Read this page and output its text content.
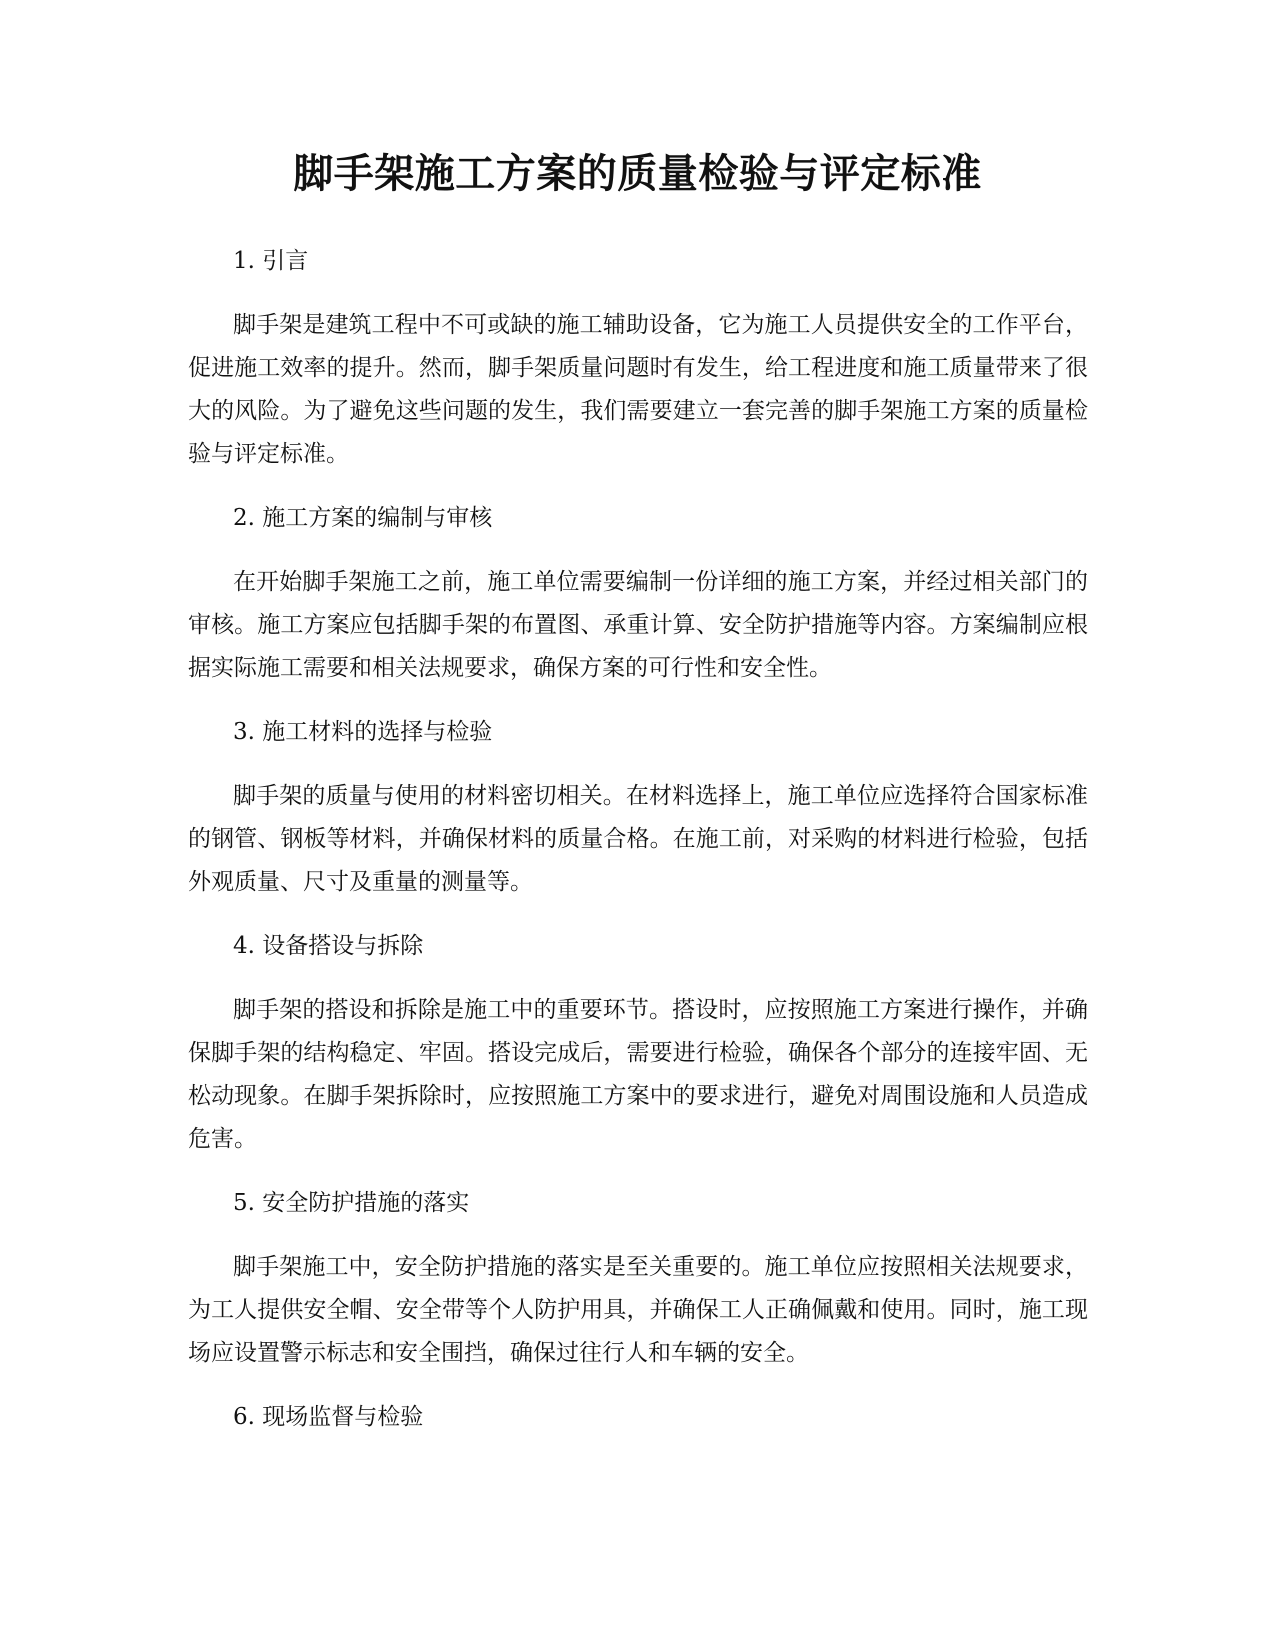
脚手架施工方案的质量检验与评定标准

1. 引言

脚手架是建筑工程中不可或缺的施工辅助设备，它为施工人员提供安全的工作平台，促进施工效率的提升。然而，脚手架质量问题时有发生，给工程进度和施工质量带来了很大的风险。为了避免这些问题的发生，我们需要建立一套完善的脚手架施工方案的质量检验与评定标准。

2. 施工方案的编制与审核

在开始脚手架施工之前，施工单位需要编制一份详细的施工方案，并经过相关部门的审核。施工方案应包括脚手架的布置图、承重计算、安全防护措施等内容。方案编制应根据实际施工需要和相关法规要求，确保方案的可行性和安全性。

3. 施工材料的选择与检验

脚手架的质量与使用的材料密切相关。在材料选择上，施工单位应选择符合国家标准的钢管、钢板等材料，并确保材料的质量合格。在施工前，对采购的材料进行检验，包括外观质量、尺寸及重量的测量等。

4. 设备搭设与拆除

脚手架的搭设和拆除是施工中的重要环节。搭设时，应按照施工方案进行操作，并确保脚手架的结构稳定、牢固。搭设完成后，需要进行检验，确保各个部分的连接牢固、无松动现象。在脚手架拆除时，应按照施工方案中的要求进行，避免对周围设施和人员造成危害。

5. 安全防护措施的落实

脚手架施工中，安全防护措施的落实是至关重要的。施工单位应按照相关法规要求，为工人提供安全帽、安全带等个人防护用具，并确保工人正确佩戴和使用。同时，施工现场应设置警示标志和安全围挡，确保过往行人和车辆的安全。

6. 现场监督与检验
